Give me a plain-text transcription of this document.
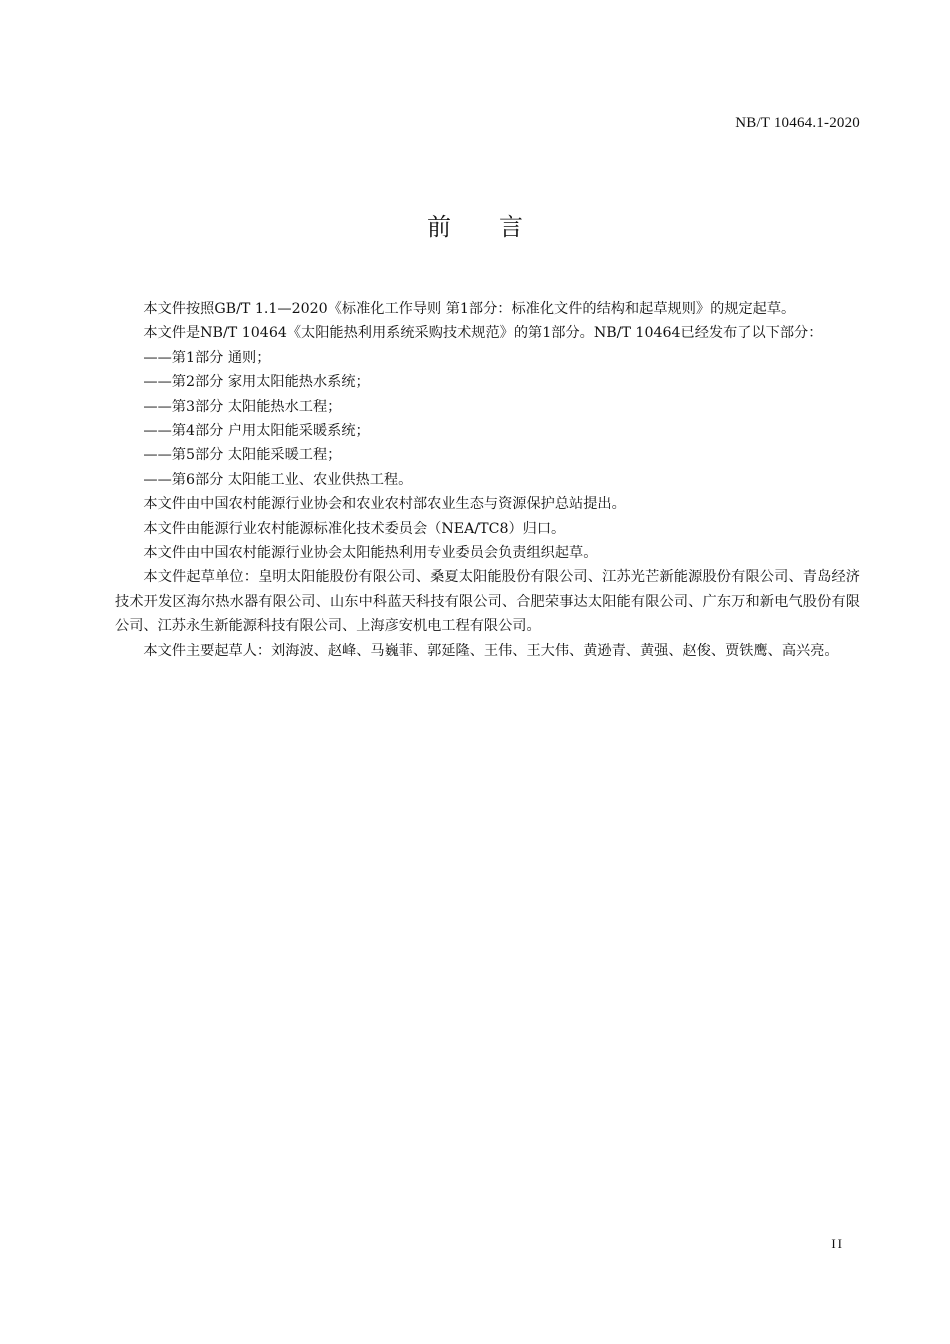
NB/T 10464.1-2020
前言

本文件按照GB/T 1.1—2020《标准化工作导则 第1部分：标准化文件的结构和起草规则》的规定起草。

本文件是NB/T 10464《太阳能热利用系统采购技术规范》的第1部分。NB/T 10464已经发布了以下部分：

——第1部分 通则；

——第2部分 家用太阳能热水系统；

——第3部分 太阳能热水工程；

——第4部分 户用太阳能采暖系统；

——第5部分 太阳能采暖工程；

——第6部分 太阳能工业、农业供热工程。

本文件由中国农村能源行业协会和农业农村部农业生态与资源保护总站提出。

本文件由能源行业农村能源标准化技术委员会（NEA/TC8）归口。

本文件由中国农村能源行业协会太阳能热利用专业委员会负责组织起草。

本文件起草单位：皇明太阳能股份有限公司、桑夏太阳能股份有限公司、江苏光芒新能源股份有限公司、青岛经济技术开发区海尔热水器有限公司、山东中科蓝天科技有限公司、合肥荣事达太阳能有限公司、广东万和新电气股份有限公司、江苏永生新能源科技有限公司、上海彦安机电工程有限公司。

本文件主要起草人：刘海波、赵峰、马巍菲、郭延隆、王伟、王大伟、黄逊青、黄强、赵俊、贾铁鹰、高兴亮。

II
